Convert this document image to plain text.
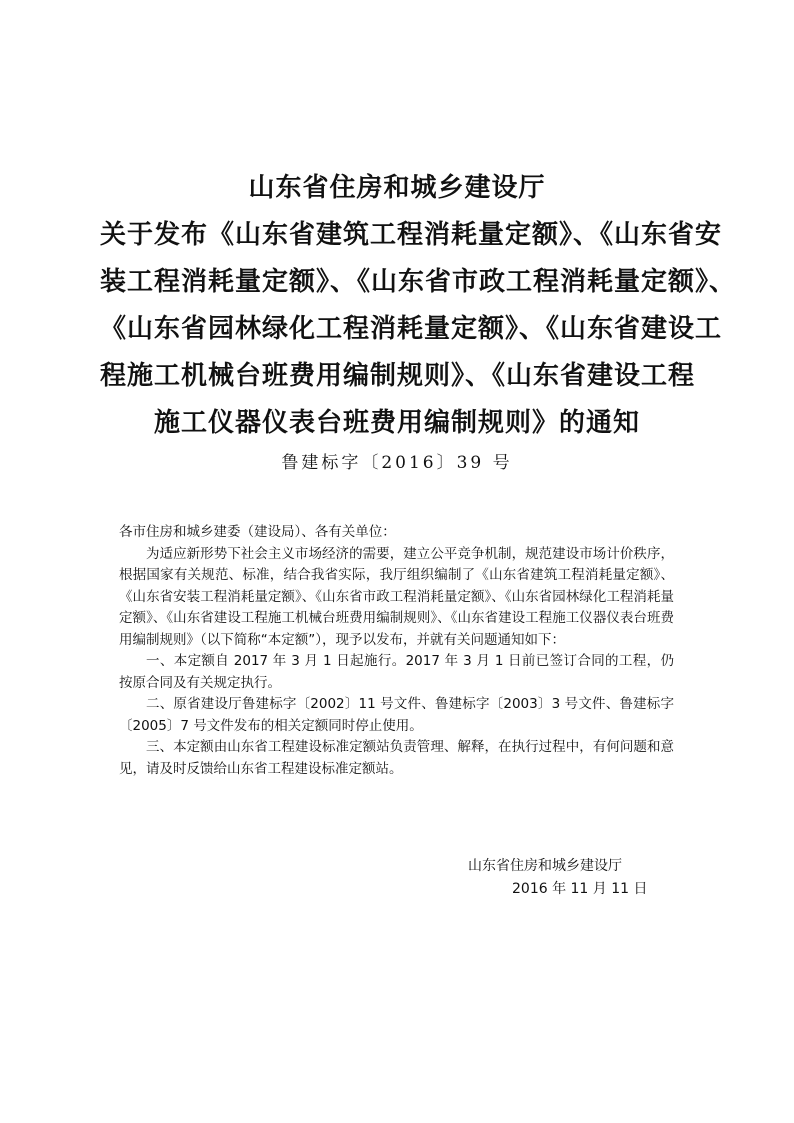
山东省住房和城乡建设厅
关于发布《山东省建筑工程消耗量定额》、《山东省安
装工程消耗量定额》、《山东省市政工程消耗量定额》、
《山东省园林绿化工程消耗量定额》、《山东省建设工
程施工机械台班费用编制规则》、《山东省建设工程
施工仪器仪表台班费用编制规则》的通知
鲁建标字〔2016〕39 号

各市住房和城乡建委（建设局）、各有关单位：

为适应新形势下社会主义市场经济的需要，建立公平竞争机制，规范建设市场计价秩序，根据国家有关规范、标准，结合我省实际，我厅组织编制了《山东省建筑工程消耗量定额》、《山东省安装工程消耗量定额》、《山东省市政工程消耗量定额》、《山东省园林绿化工程消耗量定额》、《山东省建设工程施工机械台班费用编制规则》、《山东省建设工程施工仪器仪表台班费用编制规则》（以下简称“本定额”），现予以发布，并就有关问题通知如下：

一、本定额自 2017 年 3 月 1 日起施行。2017 年 3 月 1 日前已签订合同的工程，仍按原合同及有关规定执行。

二、原省建设厅鲁建标字〔2002〕11 号文件、鲁建标字〔2003〕3 号文件、鲁建标字〔2005〕7 号文件发布的相关定额同时停止使用。

三、本定额由山东省工程建设标准定额站负责管理、解释，在执行过程中，有何问题和意见，请及时反馈给山东省工程建设标准定额站。

山东省住房和城乡建设厅
2016 年 11 月 11 日
